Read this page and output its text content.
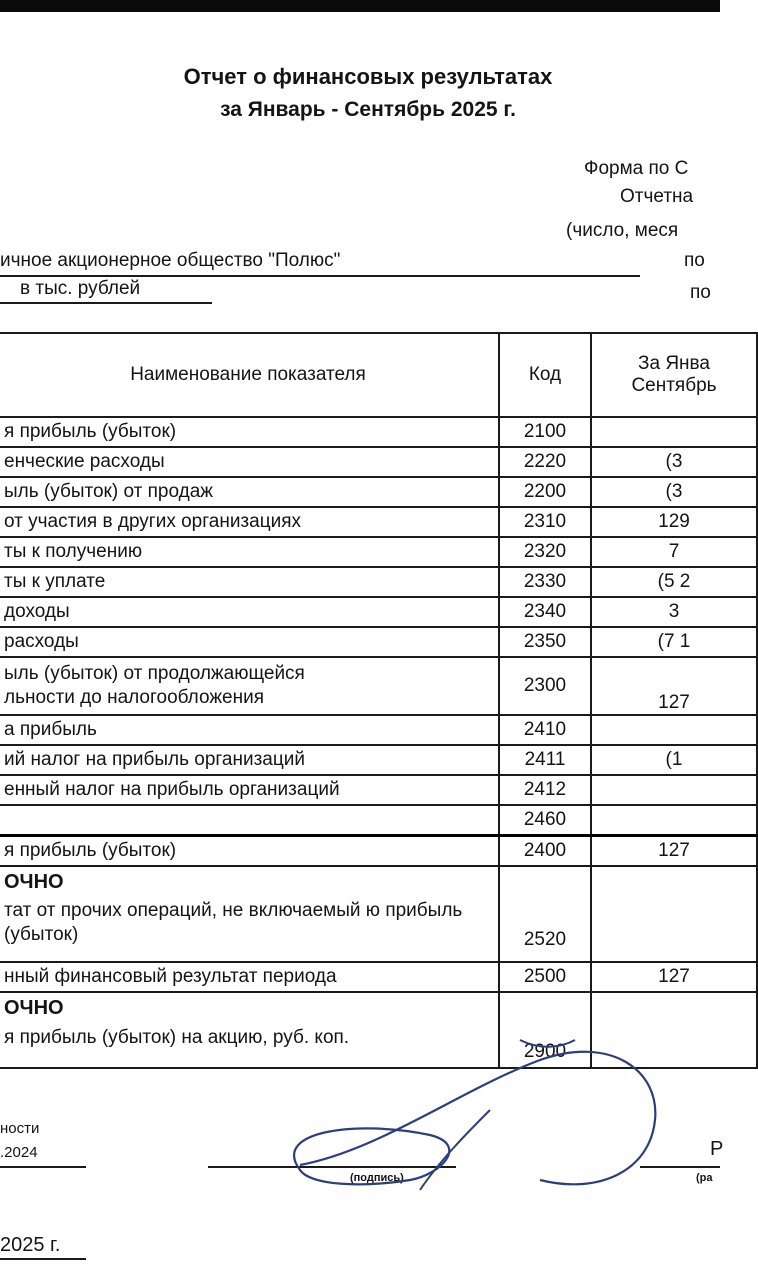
Отчет о финансовых результатах
за Январь - Сентябрь 2025 г.
Форма по С
Отчетна
(число, меся
ичное акционерное общество "Полюс"	по
в тыс. рублей	по
Наименование показателя	Код	За Янва
Сентябрь

я прибыль (убыток)	2100	
енческие расходы	2220	(3
ыль (убыток) от продаж	2200	(3
от участия в других организациях	2310	129
ты к получению	2320	7
ты к уплате	2330	(5 2
доходы	2340	3
расходы	2350	(7 1
ыль (убыток) от продолжающейся
льности до налогообложения	2300	127
а прибыль	2410	
ий налог на прибыль организаций	2411	(1
енный налог на прибыль организаций	2412	
	2460	
я прибыль (убыток)	2400	127

ОЧНО
тат от прочих операций, не включаемый ю прибыль (убыток)	2520	
нный финансовый результат периода	2500	127

ОЧНО
я прибыль (убыток) на акцию, руб. коп.	2900	
ности
.2024
(подпись)
Р
(ра
2025 г.
